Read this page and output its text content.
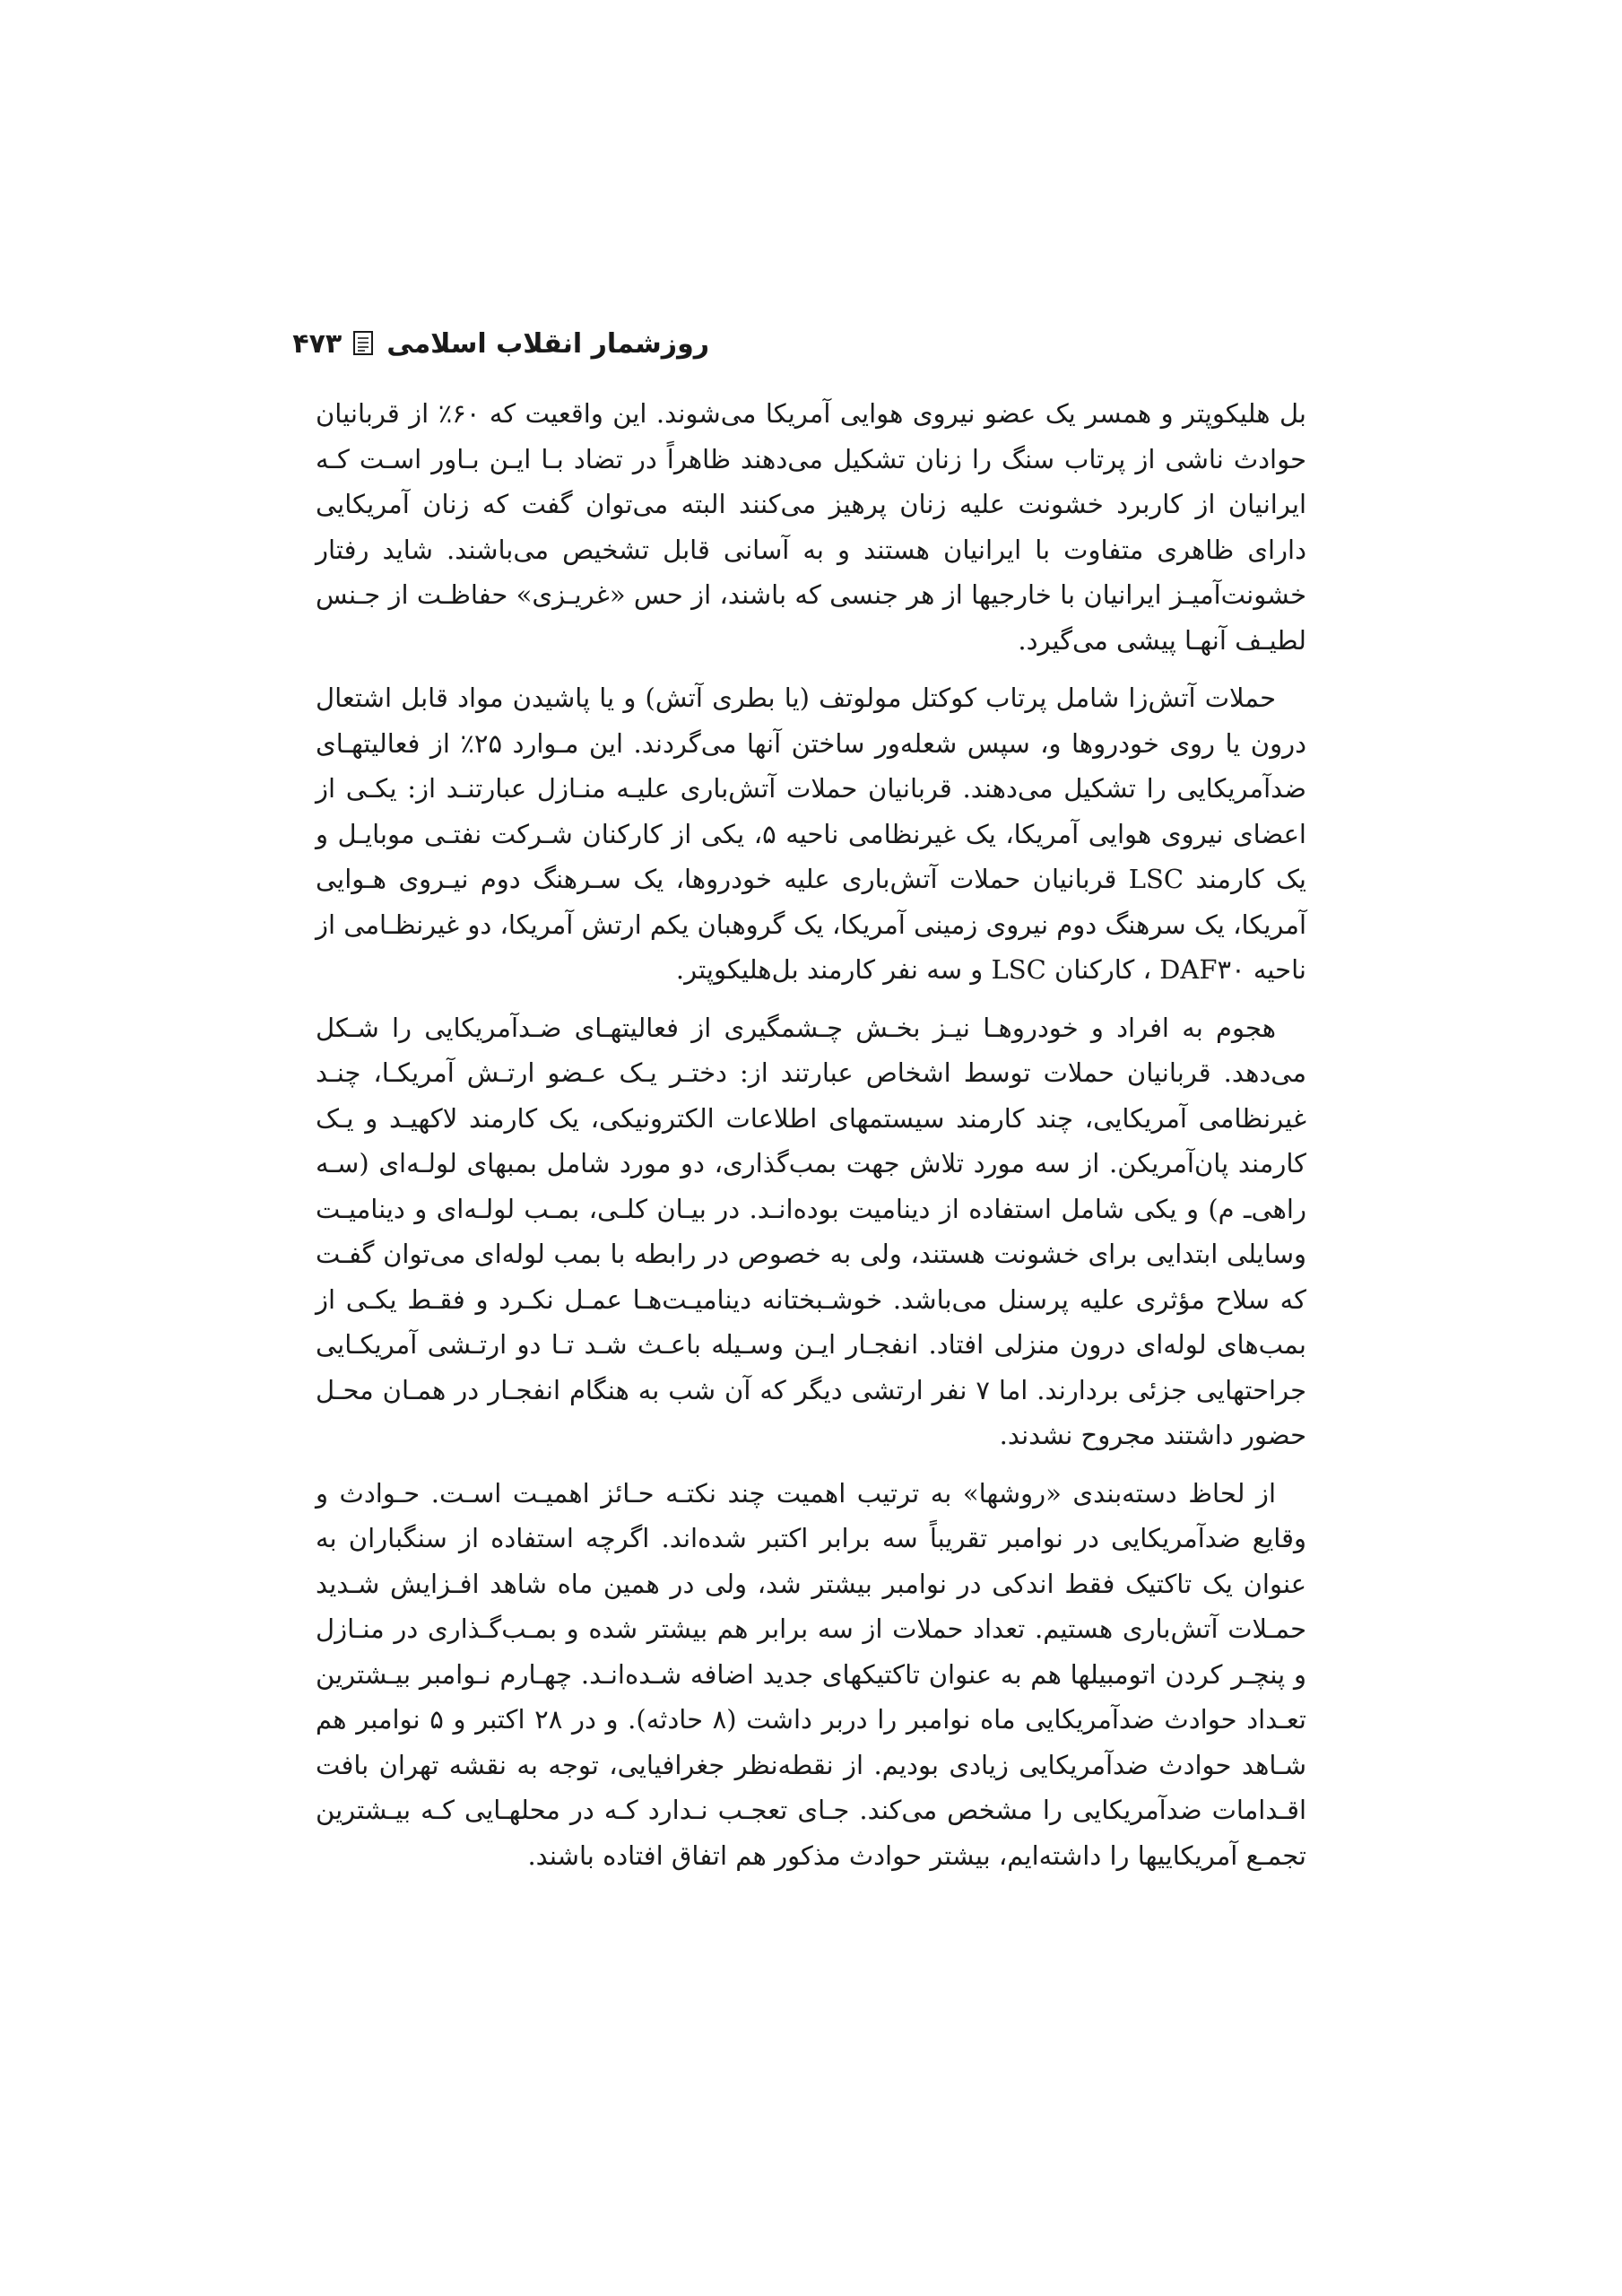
روزشمار انقلاب اسلامی
۴۷۳

بل هلیکوپتر و همسر یک عضو نیروی هوایی آمریکا می‌شوند. این واقعیت که ۶۰٪ از قربانیان حوادث ناشی از پرتاب سنگ را زنان تشکیل می‌دهند ظاهراً در تضاد بـا ایـن بـاور اسـت کـه ایرانیان از کاربرد خشونت علیه زنان پرهیز می‌کنند البته می‌توان گفت که زنان آمریکایی دارای ظاهری متفاوت با ایرانیان هستند و به آسانی قابل تشخیص می‌باشند. شاید رفتار خشونت‌آمیـز ایرانیان با خارجیها از هر جنسی که باشند، از حس «غریـزی» حفاظـت از جـنس لطیـف آنهـا پیشی می‌گیرد.

حملات آتش‌زا شامل پرتاب کوکتل مولوتف (یا بطری آتش) و یا پاشیدن مواد قابل اشتعال درون یا روی خودروها و، سپس شعله‌ور ساختن آنها می‌گردند. این مـوارد ۲۵٪ از فعالیتهـای ضدآمریکایی را تشکیل می‌دهند. قربانیان حملات آتش‌باری علیـه منـازل عبارتنـد از: یکـی از اعضای نیروی هوایی آمریکا، یک غیرنظامی ناحیه ۵، یکی از کارکنان شـرکت نفتـی موبایـل و یک کارمند LSC قربانیان حملات آتش‌باری علیه خودروها، یک سـرهنگ دوم نیـروی هـوایی آمریکا، یک سرهنگ دوم نیروی زمینی آمریکا، یک گروهبان یکم ارتش آمریکا، دو غیرنظـامی از ناحیه DAF۳۰ ، کارکنان LSC و سه نفر کارمند بل‌هلیکوپتر.

هجوم به افراد و خودروهـا نیـز بخـش چـشمگیری از فعالیتهـای ضـدآمریکایی را شـکل می‌دهد. قربانیان حملات توسط اشخاص عبارتند از: دختـر یـک عـضو ارتـش آمریکـا، چنـد غیرنظامی آمریکایی، چند کارمند سیستمهای اطلاعات الکترونیکی، یک کارمند لاکهیـد و یـک کارمند پان‌آمریکن. از سه مورد تلاش جهت بمب‌گذاری، دو مورد شامل بمبهای لولـه‌ای (سـه راهی‌ـ م) و یکی شامل استفاده از دینامیت بوده‌انـد. در بیـان کلـی، بمـب لولـه‌ای و دینامیـت وسایلی ابتدایی برای خشونت هستند، ولی به خصوص در رابطه با بمب لوله‌ای می‌توان گفـت که سلاح مؤثری علیه پرسنل می‌باشد. خوشـبختانه دینامیـت‌هـا عمـل نکـرد و فقـط یکـی از بمب‌های لوله‌ای درون منزلی افتاد. انفجـار ایـن وسـیله باعـث شـد تـا دو ارتـشی آمریکـایی جراحتهایی جزئی بردارند. اما ۷ نفر ارتشی دیگر که آن شب به هنگام انفجـار در همـان محـل حضور داشتند مجروح نشدند.

از لحاظ دسته‌بندی «روشها» به ترتیب اهمیت چند نکتـه حـائز اهمیـت اسـت. حـوادث و وقایع ضدآمریکایی در نوامبر تقریباً سه برابر اکتبر شده‌اند. اگرچه استفاده از سنگباران به عنوان یک تاکتیک فقط اندکی در نوامبر بیشتر شد، ولی در همین ماه شاهد افـزایش شـدید حمـلات آتش‌باری هستیم. تعداد حملات از سه برابر هم بیشتر شده و بمـب‌گـذاری در منـازل و پنچـر کردن اتومبیلها هم به عنوان تاکتیکهای جدید اضافه شـده‌انـد. چهـارم نـوامبر بیـشترین تعـداد حوادث ضدآمریکایی ماه نوامبر را دربر داشت (۸ حادثه). و در ۲۸ اکتبر و ۵ نوامبر هم شـاهد حوادث ضدآمریکایی زیادی بودیم. از نقطه‌نظر جغرافیایی، توجه به نقشه تهران بافت اقـدامات ضدآمریکایی را مشخص می‌کند. جـای تعجـب نـدارد کـه در محلهـایی کـه بیـشترین تجمـع آمریکاییها را داشته‌ایم، بیشتر حوادث مذکور هم اتفاق افتاده باشند.
